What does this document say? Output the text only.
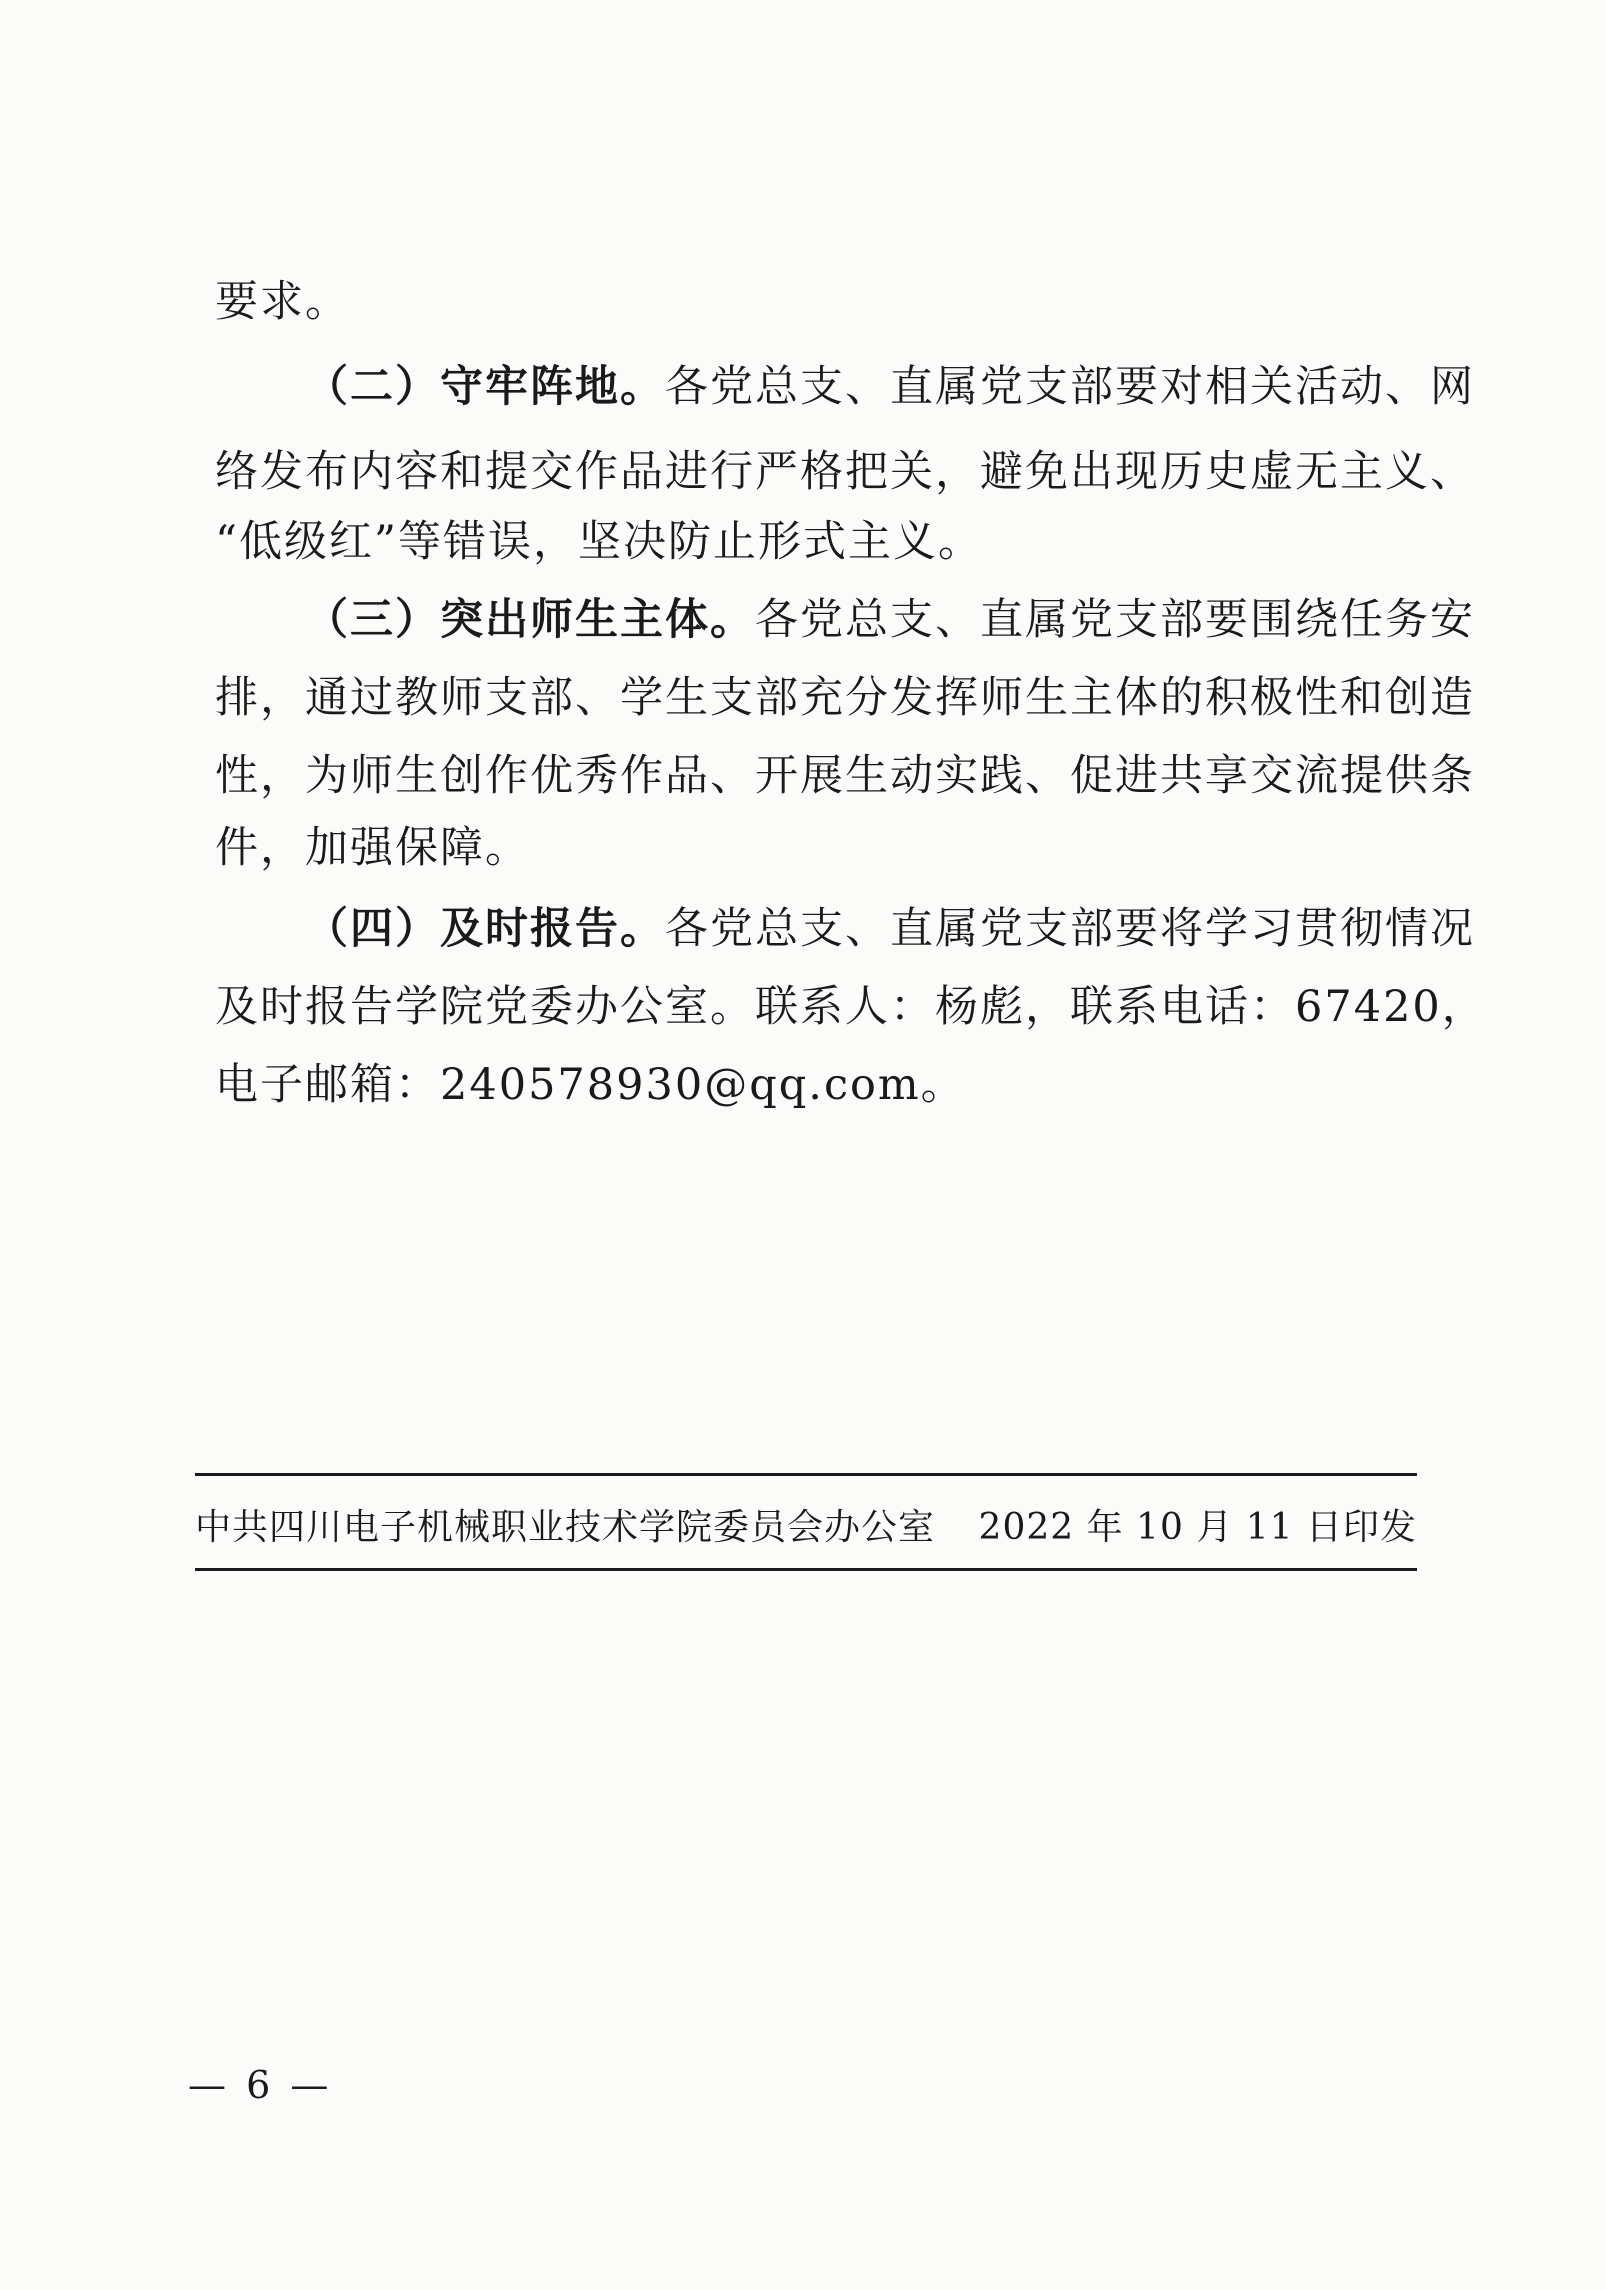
要求。
（二）守牢阵地。各党总支、直属党支部要对相关活动、网
络发布内容和提交作品进行严格把关，避免出现历史虚无主义、
“低级红”等错误，坚决防止形式主义。
（三）突出师生主体。各党总支、直属党支部要围绕任务安
排，通过教师支部、学生支部充分发挥师生主体的积极性和创造
性，为师生创作优秀作品、开展生动实践、促进共享交流提供条
件，加强保障。
（四）及时报告。各党总支、直属党支部要将学习贯彻情况
及时报告学院党委办公室。联系人：杨彪，联系电话：67420，
电子邮箱：240578930@qq.com。
中共四川电子机械职业技术学院委员会办公室 2022 年 10 月 11 日印发
— 6 —
